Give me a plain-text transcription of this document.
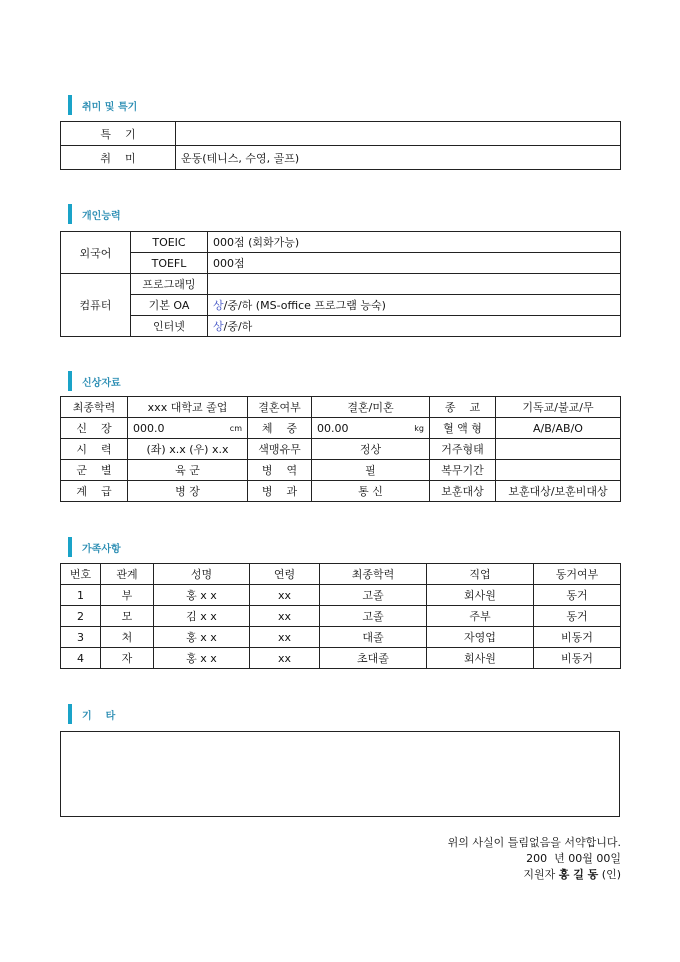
취미 및 특기
특    기	
취    미	운동(테니스, 수영, 골프)
개인능력
외국어	TOEIC	000점 (회화가능)
	TOEFL	000점
컴퓨터	프로그래밍	
	기본 OA	상/중/하 (MS-office 프로그램 능숙)
	인터넷	상/중/하
신상자료
최종학력	xxx 대학교 졸업	결혼여부	결혼/미혼	종    교	기독교/불교/무
신    장	000.0 cm	체    중	00.00 kg	혈 액 형	A/B/AB/O
시    력	(좌) x.x (우) x.x	색맹유무	정상	거주형태	
군    별	육 군	병    역	필	복무기간	
계    급	병 장	병    과	통 신	보훈대상	보훈대상/보훈비대상
가족사항
번호	관계	성명	연령	최종학력	직업	동거여부
1	부	홍 x x	xx	고졸	회사원	동거
2	모	김 x x	xx	고졸	주부	동거
3	처	홍 x x	xx	대졸	자영업	비동거
4	자	홍 x x	xx	초대졸	회사원	비동거
기    타
위의 사실이 틀림없음을 서약합니다.
200  년 00월 00일
지원자 홍 길 동 (인)
